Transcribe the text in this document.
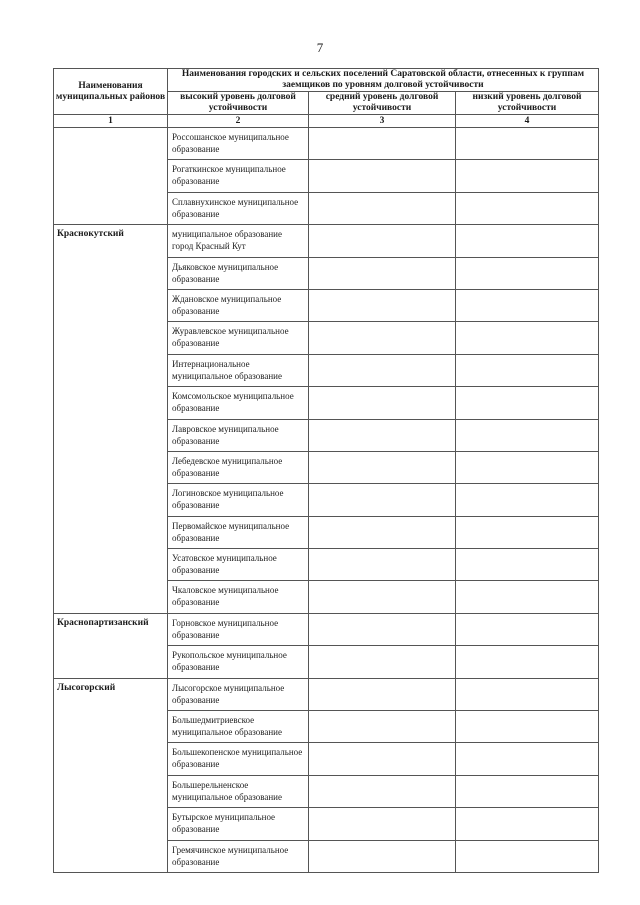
7
Наименования муниципальных районов	Наименования городских и сельских поселений Саратовской области, отнесенных к группам заемщиков по уровням долговой устойчивости		
	высокий уровень долговой устойчивости	средний уровень долговой устойчивости	низкий уровень долговой устойчивости
1	2	3	4
	Россошанское муниципальное образование		
	Рогаткинское муниципальное образование		
	Сплавнухинское муниципальное образование		
Краснокутский	муниципальное образование город Красный Кут		
	Дьяковское муниципальное образование		
	Ждановское муниципальное образование		
	Журавлевское муниципальное образование		
	Интернациональное муниципальное образование		
	Комсомольское муниципальное образование		
	Лавровское муниципальное образование		
	Лебедевское муниципальное образование		
	Логиновское муниципальное образование		
	Первомайское муниципальное образование		
	Усатовское муниципальное образование		
	Чкаловское муниципальное образование		
Краснопартизанский	Горновское муниципальное образование		
	Рукопольское муниципальное образование		
Лысогорский	Лысогорское муниципальное образование		
	Большедмитриевское муниципальное образование		
	Большекопенское муниципальное образование		
	Большерельненское муниципальное образование		
	Бутырское муниципальное образование		
	Гремячинское муниципальное образование		
